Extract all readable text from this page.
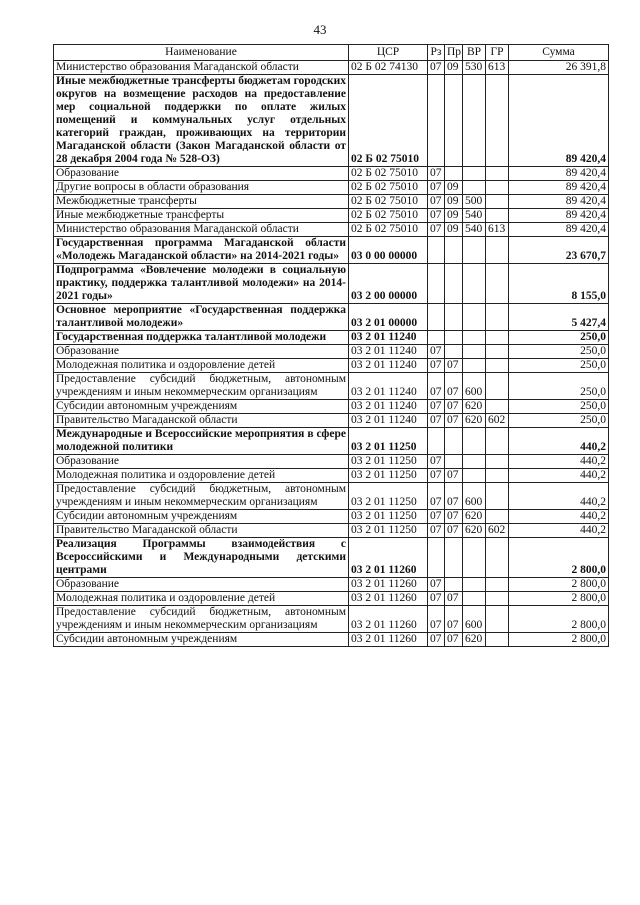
43
Наименование	ЦСР	Рз	Пр	ВР	ГР	Сумма
Министерство образования Магаданской области	02 Б 02 74130	07	09	530	613	26 391,8
Иные межбюджетные трансферты бюджетам городских округов на возмещение расходов на предоставление мер социальной поддержки по оплате жилых помещений и коммунальных услуг отдельных категорий граждан, проживающих на территории Магаданской области (Закон Магаданской области от 28 декабря 2004 года № 528-ОЗ)	02 Б 02 75010					89 420,4
Образование	02 Б 02 75010	07				89 420,4
Другие вопросы в области образования	02 Б 02 75010	07	09			89 420,4
Межбюджетные трансферты	02 Б 02 75010	07	09	500		89 420,4
Иные межбюджетные трансферты	02 Б 02 75010	07	09	540		89 420,4
Министерство образования Магаданской области	02 Б 02 75010	07	09	540	613	89 420,4
Государственная программа Магаданской области «Молодежь Магаданской области» на 2014-2021 годы»	03 0 00 00000					23 670,7
Подпрограмма «Вовлечение молодежи в социальную практику, поддержка талантливой молодежи» на 2014-2021 годы»	03 2 00 00000					8 155,0
Основное мероприятие «Государственная поддержка талантливой молодежи»	03 2 01 00000					5 427,4
Государственная поддержка талантливой молодежи	03 2 01 11240					250,0
Образование	03 2 01 11240	07				250,0
Молодежная политика и оздоровление детей	03 2 01 11240	07	07			250,0
Предоставление субсидий бюджетным, автономным учреждениям и иным некоммерческим организациям	03 2 01 11240	07	07	600		250,0
Субсидии автономным учреждениям	03 2 01 11240	07	07	620		250,0
Правительство Магаданской области	03 2 01 11240	07	07	620	602	250,0
Международные и Всероссийские мероприятия в сфере молодежной политики	03 2 01 11250					440,2
Образование	03 2 01 11250	07				440,2
Молодежная политика и оздоровление детей	03 2 01 11250	07	07			440,2
Предоставление субсидий бюджетным, автономным учреждениям и иным некоммерческим организациям	03 2 01 11250	07	07	600		440,2
Субсидии автономным учреждениям	03 2 01 11250	07	07	620		440,2
Правительство Магаданской области	03 2 01 11250	07	07	620	602	440,2
Реализация Программы взаимодействия с Всероссийскими и Международными детскими центрами	03 2 01 11260					2 800,0
Образование	03 2 01 11260	07				2 800,0
Молодежная политика и оздоровление детей	03 2 01 11260	07	07			2 800,0
Предоставление субсидий бюджетным, автономным учреждениям и иным некоммерческим организациям	03 2 01 11260	07	07	600		2 800,0
Субсидии автономным учреждениям	03 2 01 11260	07	07	620		2 800,0
